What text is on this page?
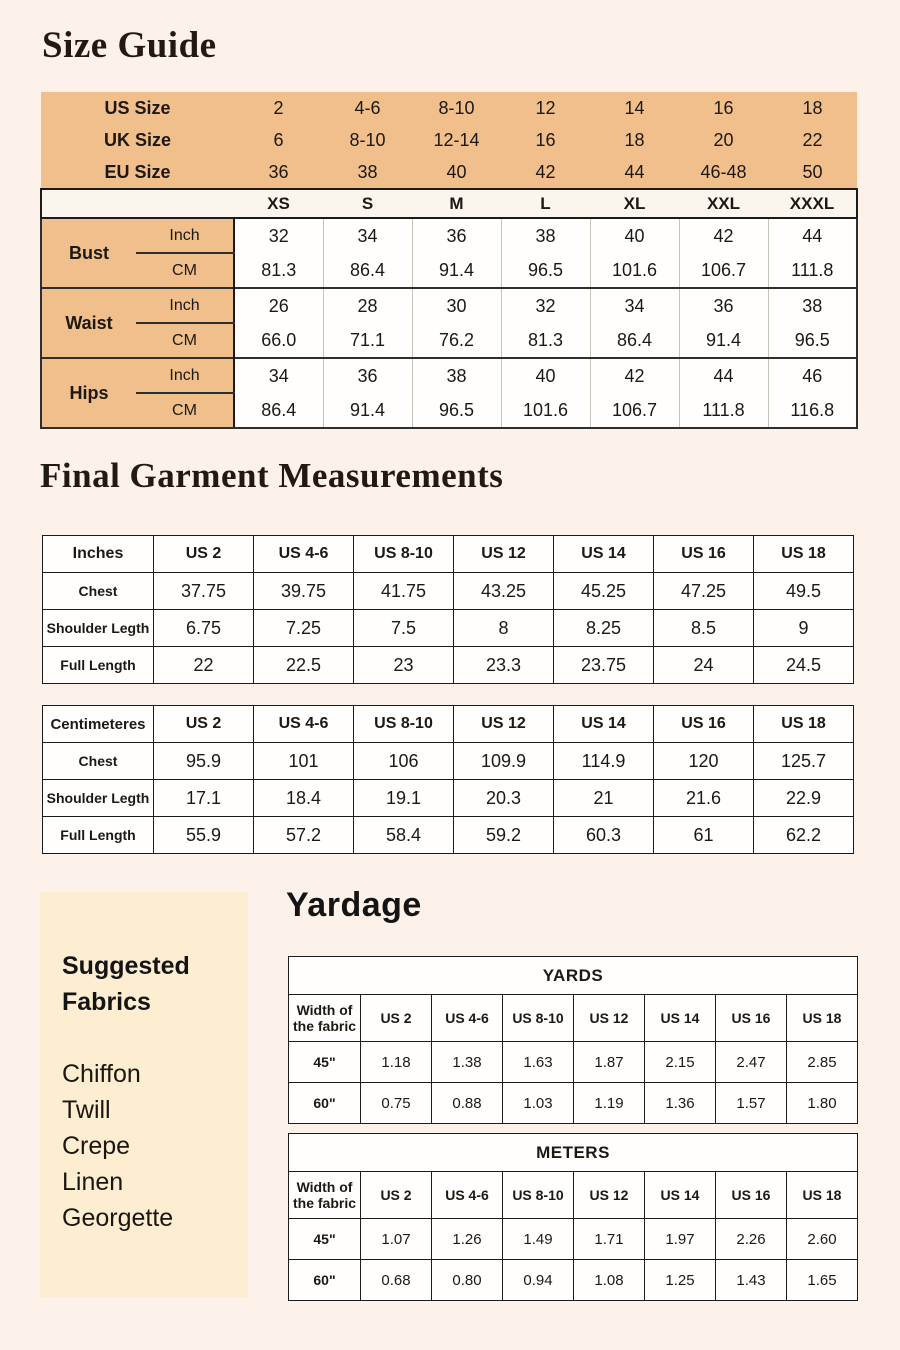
Size Guide
US Size		2	4-6	8-10	12	14	16	18
UK Size		6	8-10	12-14	16	18	20	22
EU Size		36	38	40	42	44	46-48	50
		XS	S	M	L	XL	XXL	XXXL
Bust	Inch	32	34	36	38	40	42	44
	CM	81.3	86.4	91.4	96.5	101.6	106.7	111.8
Waist	Inch	26	28	30	32	34	36	38
	CM	66.0	71.1	76.2	81.3	86.4	91.4	96.5
Hips	Inch	34	36	38	40	42	44	46
	CM	86.4	91.4	96.5	101.6	106.7	111.8	116.8
Final Garment Measurements
Inches	US 2	US 4-6	US 8-10	US 12	US 14	US 16	US 18
Chest	37.75	39.75	41.75	43.25	45.25	47.25	49.5
Shoulder Legth	6.75	7.25	7.5	8	8.25	8.5	9
Full Length	22	22.5	23	23.3	23.75	24	24.5
Centimeteres	US 2	US 4-6	US 8-10	US 12	US 14	US 16	US 18
Chest	95.9	101	106	109.9	114.9	120	125.7
Shoulder Legth	17.1	18.4	19.1	20.3	21	21.6	22.9
Full Length	55.9	57.2	58.4	59.2	60.3	61	62.2
Suggested Fabrics
Chiffon
Twill
Crepe
Linen
Georgette
Yardage
YARDS							
Width of the fabric	US 2	US 4-6	US 8-10	US 12	US 14	US 16	US 18
45"	1.18	1.38	1.63	1.87	2.15	2.47	2.85
60"	0.75	0.88	1.03	1.19	1.36	1.57	1.80
METERS							
Width of the fabric	US 2	US 4-6	US 8-10	US 12	US 14	US 16	US 18
45"	1.07	1.26	1.49	1.71	1.97	2.26	2.60
60"	0.68	0.80	0.94	1.08	1.25	1.43	1.65
